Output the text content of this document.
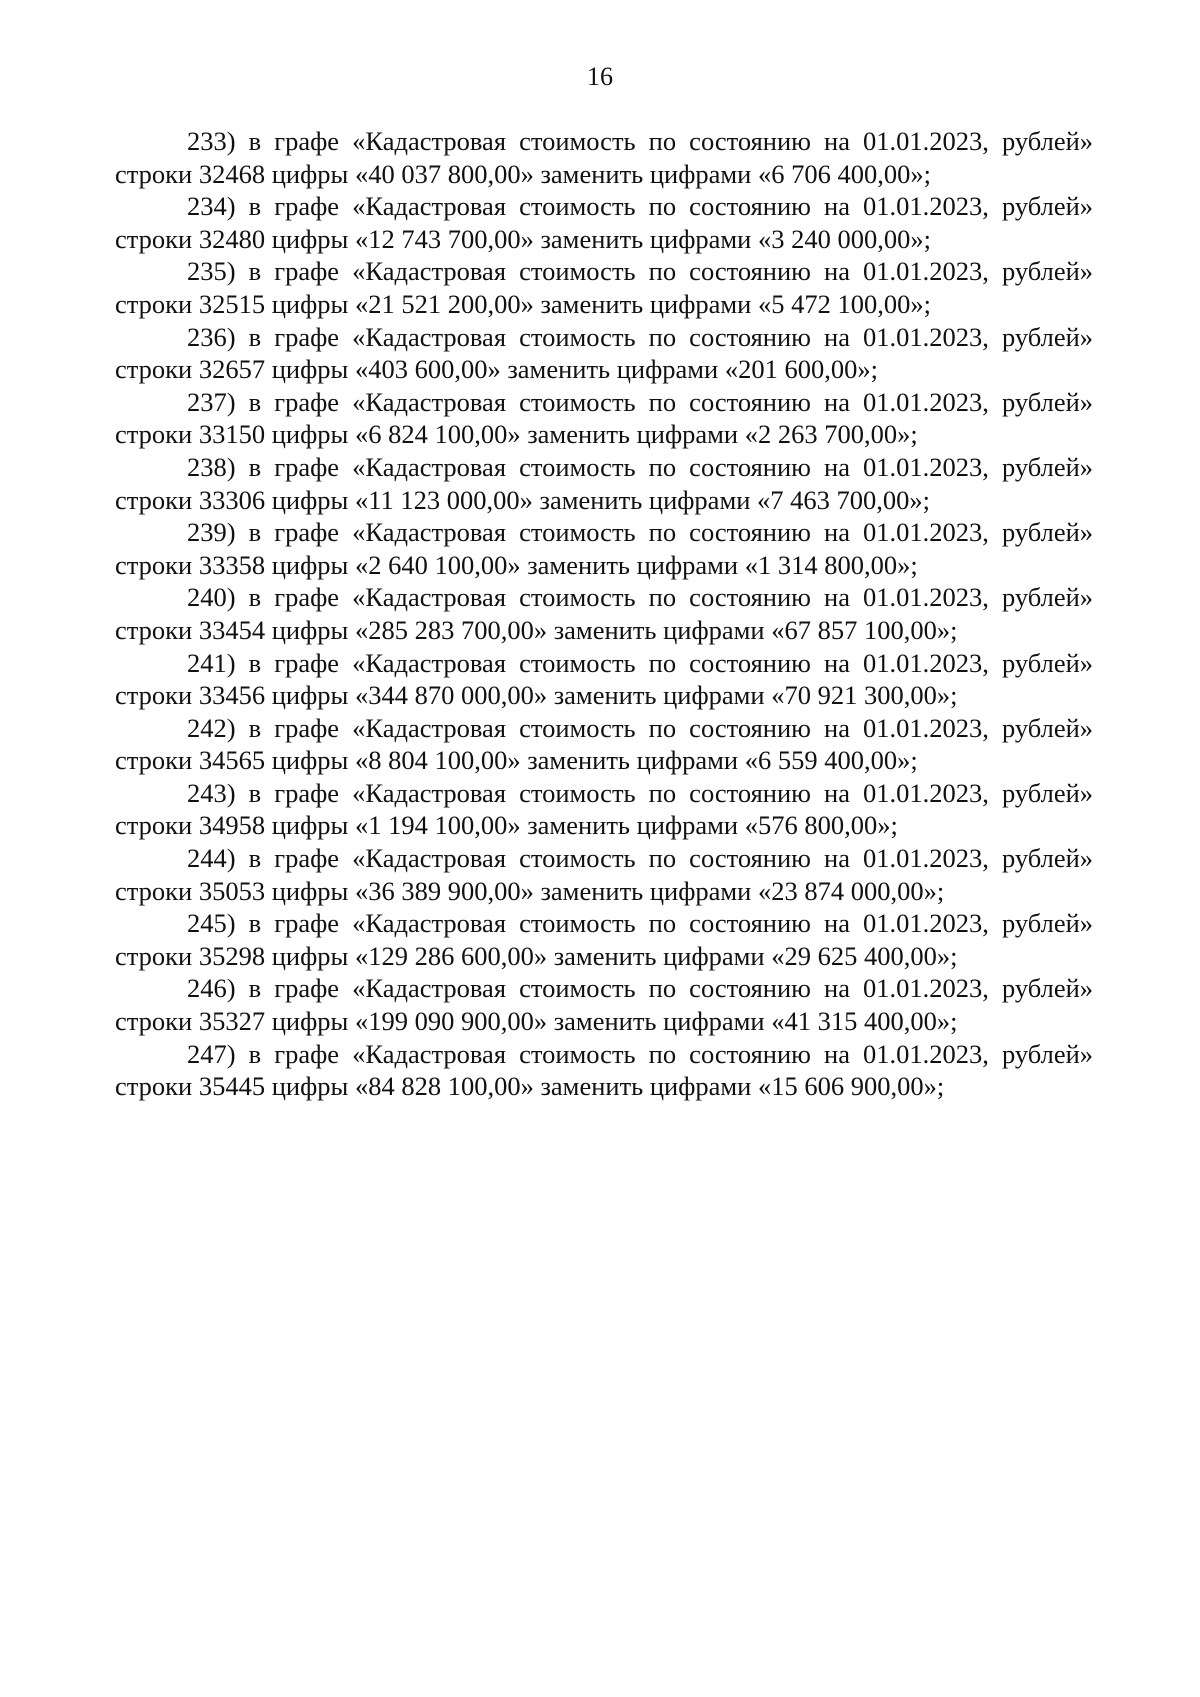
16

233) в графе «Кадастровая стоимость по состоянию на 01.01.2023, рублей» строки 32468 цифры «40 037 800,00» заменить цифрами «6 706 400,00»;

234) в графе «Кадастровая стоимость по состоянию на 01.01.2023, рублей» строки 32480 цифры «12 743 700,00» заменить цифрами «3 240 000,00»;

235) в графе «Кадастровая стоимость по состоянию на 01.01.2023, рублей» строки 32515 цифры «21 521 200,00» заменить цифрами «5 472 100,00»;

236) в графе «Кадастровая стоимость по состоянию на 01.01.2023, рублей» строки 32657 цифры «403 600,00» заменить цифрами «201 600,00»;

237) в графе «Кадастровая стоимость по состоянию на 01.01.2023, рублей» строки 33150 цифры «6 824 100,00» заменить цифрами «2 263 700,00»;

238) в графе «Кадастровая стоимость по состоянию на 01.01.2023, рублей» строки 33306 цифры «11 123 000,00» заменить цифрами «7 463 700,00»;

239) в графе «Кадастровая стоимость по состоянию на 01.01.2023, рублей» строки 33358 цифры «2 640 100,00» заменить цифрами «1 314 800,00»;

240) в графе «Кадастровая стоимость по состоянию на 01.01.2023, рублей» строки 33454 цифры «285 283 700,00» заменить цифрами «67 857 100,00»;

241) в графе «Кадастровая стоимость по состоянию на 01.01.2023, рублей» строки 33456 цифры «344 870 000,00» заменить цифрами «70 921 300,00»;

242) в графе «Кадастровая стоимость по состоянию на 01.01.2023, рублей» строки 34565 цифры «8 804 100,00» заменить цифрами «6 559 400,00»;

243) в графе «Кадастровая стоимость по состоянию на 01.01.2023, рублей» строки 34958 цифры «1 194 100,00» заменить цифрами «576 800,00»;

244) в графе «Кадастровая стоимость по состоянию на 01.01.2023, рублей» строки 35053 цифры «36 389 900,00» заменить цифрами «23 874 000,00»;

245) в графе «Кадастровая стоимость по состоянию на 01.01.2023, рублей» строки 35298 цифры «129 286 600,00» заменить цифрами «29 625 400,00»;

246) в графе «Кадастровая стоимость по состоянию на 01.01.2023, рублей» строки 35327 цифры «199 090 900,00» заменить цифрами «41 315 400,00»;

247) в графе «Кадастровая стоимость по состоянию на 01.01.2023, рублей» строки 35445 цифры «84 828 100,00» заменить цифрами «15 606 900,00»;
